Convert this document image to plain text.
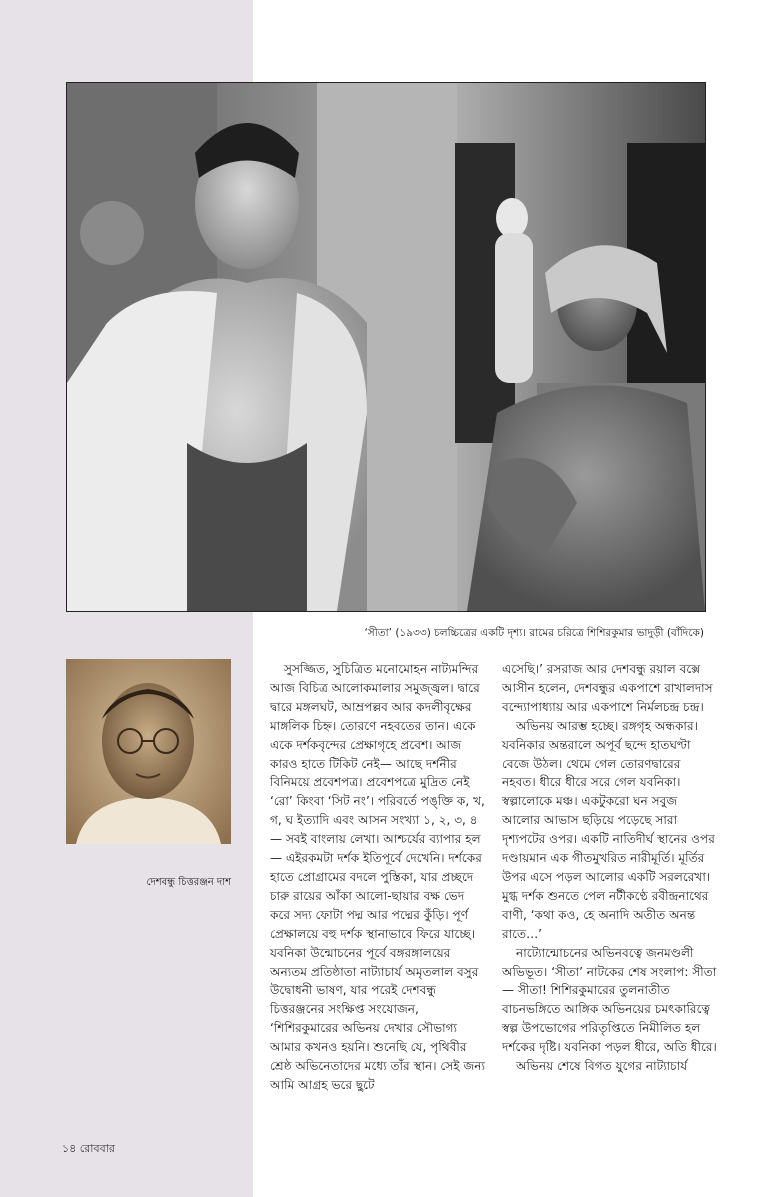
‘সীতা’ (১৯৩৩) চলচ্চিত্রের একটি দৃশ্য। রামের চরিত্রে শিশিরকুমার ভাদুড়ী (বাঁদিকে)
দেশবন্ধু চিত্তরঞ্জন দাশ

সুসজ্জিত, সুচিত্রিত মনোমোহন নাট্যমন্দির আজ বিচিত্র আলোকমালার সমুজ্জ্বল। দ্বারে দ্বারে মঙ্গলঘট, আম্রপল্লব আর কদলীবৃক্ষের মাঙ্গলিক চিহ্ন। তোরণে নহবতের তান। একে একে দর্শকবৃন্দের প্রেক্ষাগৃহে প্রবেশ। আজ কারও হাতে টিকিট নেই— আছে দর্শনীর বিনিময়ে প্রবেশপত্র। প্রবেশপত্রে মুদ্রিত নেই ‘রো’ কিংবা ‘সিট নং’। পরিবর্তে পঙ্‌ক্তি ক, খ, গ, ঘ ইত্যাদি এবং আসন সংখ্যা ১, ২, ৩, ৪— সবই বাংলায় লেখা। আশ্চর্যের ব্যাপার হল— এইরকমটা দর্শক ইতিপূর্বে দেখেনি। দর্শকের হাতে প্রোগ্রামের বদলে পুস্তিকা, যার প্রচ্ছদে চারু রায়ের আঁকা আলো-ছায়ার বক্ষ ভেদ করে সদ্য ফোটা পদ্ম আর পদ্মের কুঁড়ি। পূর্ণ প্রেক্ষালয়ে বহু দর্শক স্থানাভাবে ফিরে যাচ্ছে। যবনিকা উন্মোচনের পূর্বে বঙ্গরঙ্গালয়ের অন্যতম প্রতিষ্ঠাতা নাট্যাচার্য অমৃতলাল বসুর উদ্বোধনী ভাষণ, যার পরেই দেশবন্ধু চিত্তরঞ্জনের সংক্ষিপ্ত সংযোজন, ‘শিশিরকুমারের অভিনয় দেখার সৌভাগ্য আমার কখনও হয়নি। শুনেছি যে, পৃথিবীর শ্রেষ্ঠ অভিনেতাদের মধ্যে তাঁর স্থান। সেই জন্য আমি আগ্রহ ভরে ছুটে

এসেছি।’ রসরাজ আর দেশবন্ধু রয়াল বক্সে আসীন হলেন, দেশবন্ধুর একপাশে রাখালদাস বন্দ্যোপাধ্যায় আর একপাশে নির্মলচন্দ্র চন্দ্র।

অভিনয় আরম্ভ হচ্ছে। রঙ্গগৃহ অন্ধকার। যবনিকার অন্তরালে অপূর্ব ছন্দে হাতঘণ্টা বেজে উঠল। থেমে গেল তোরণদ্বারের নহবত। ধীরে ধীরে সরে গেল যবনিকা। স্বল্পালোকে মঞ্চ। একটুকরো ঘন সবুজ আলোর আভাস ছড়িয়ে পড়েছে সারা দৃশ্যপটের ওপর। একটি নাতিদীর্ঘ স্থানের ওপর দণ্ডায়মান এক গীতমুখরিত নারীমূর্তি। মূর্তির উপর এসে পড়ল আলোর একটি সরলরেখা। মুগ্ধ দর্শক শুনতে পেল নটীকণ্ঠে রবীন্দ্রনাথের বাণী, ‘কথা কও, হে অনাদি অতীত অনন্ত রাতে…’

নাট্যোন্মোচনের অভিনবত্বে জনমণ্ডলী অভিভূত। ‘সীতা’ নাটকের শেষ সংলাপ: সীতা— সীতা! শিশিরকুমারের তুলনাতীত বাচনভঙ্গিতে আঙ্গিক অভিনয়ের চমৎকারিত্বে স্বল্প উপভোগের পরিতৃপ্তিতে নিমীলিত হল দর্শকের দৃষ্টি। যবনিকা পড়ল ধীরে, অতি ধীরে।

অভিনয় শেষে বিগত যুগের নাট্যাচার্য

১৪ রোববার
